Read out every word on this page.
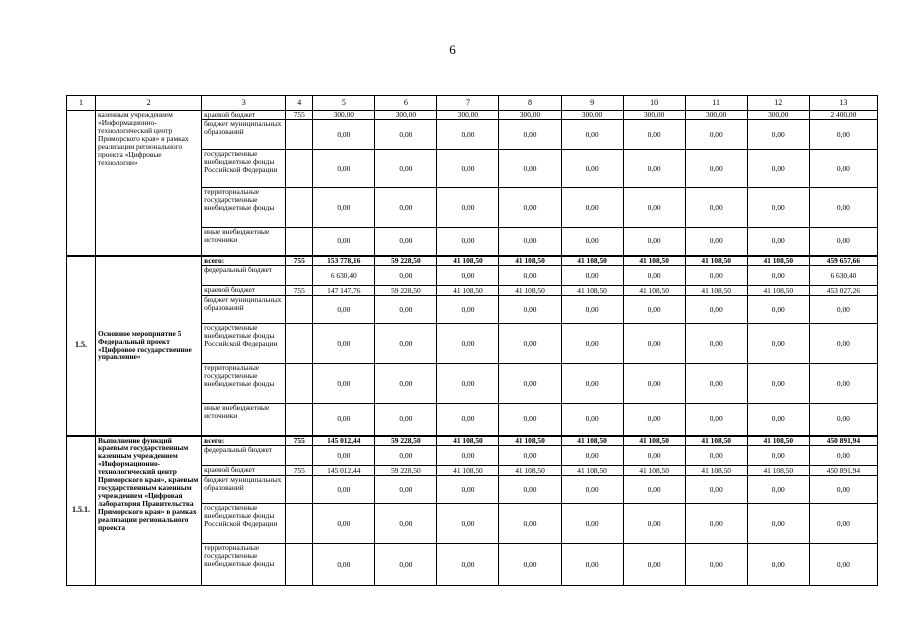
6
1	2	3	4	5	6	7	8	9	10	11	12	13
	казенным учреждением «Информационно-технологический центр Приморского края» в рамках реализации регионального проекта «Цифровые технологии»	краевой бюджет	755	300,00	300,00	300,00	300,00	300,00	300,00	300,00	300,00	2 400,00
		бюджет муниципальных образований		0,00	0,00	0,00	0,00	0,00	0,00	0,00	0,00	0,00
		государственные внебюджетные фонды Российской Федерации		0,00	0,00	0,00	0,00	0,00	0,00	0,00	0,00	0,00
		территориальные государственные внебюджетные фонды		0,00	0,00	0,00	0,00	0,00	0,00	0,00	0,00	0,00
		иные внебюджетные источники		0,00	0,00	0,00	0,00	0,00	0,00	0,00	0,00	0,00
1.5.	Основное мероприятие 5 Федеральный проект «Цифровое государственное управление»	всего:	755	153 778,16	59 228,50	41 108,50	41 108,50	41 108,50	41 108,50	41 108,50	41 108,50	459 657,66
		федеральный бюджет		6 630,40	0,00	0,00	0,00	0,00	0,00	0,00	0,00	6 630,40
		краевой бюджет	755	147 147,76	59 228,50	41 108,50	41 108,50	41 108,50	41 108,50	41 108,50	41 108,50	453 027,26
		бюджет муниципальных образований		0,00	0,00	0,00	0,00	0,00	0,00	0,00	0,00	0,00
		государственные внебюджетные фонды Российской Федерации		0,00	0,00	0,00	0,00	0,00	0,00	0,00	0,00	0,00
		территориальные государственные внебюджетные фонды		0,00	0,00	0,00	0,00	0,00	0,00	0,00	0,00	0,00
		иные внебюджетные источники		0,00	0,00	0,00	0,00	0,00	0,00	0,00	0,00	0,00
1.5.1.	Выполнение функций краевым государственным казенным учреждением «Информационно-технологический центр Приморского края», краевым государственным казенным учреждением «Цифровая лаборатория Правительства Приморского края» в рамках реализации регионального проекта	всего:	755	145 012,44	59 228,50	41 108,50	41 108,50	41 108,50	41 108,50	41 108,50	41 108,50	450 891,94
		федеральный бюджет		0,00	0,00	0,00	0,00	0,00	0,00	0,00	0,00	0,00
		краевой бюджет	755	145 012,44	59 228,50	41 108,50	41 108,50	41 108,50	41 108,50	41 108,50	41 108,50	450 891,94
		бюджет муниципальных образований		0,00	0,00	0,00	0,00	0,00	0,00	0,00	0,00	0,00
		государственные внебюджетные фонды Российской Федерации		0,00	0,00	0,00	0,00	0,00	0,00	0,00	0,00	0,00
		территориальные государственные внебюджетные фонды		0,00	0,00	0,00	0,00	0,00	0,00	0,00	0,00	0,00
